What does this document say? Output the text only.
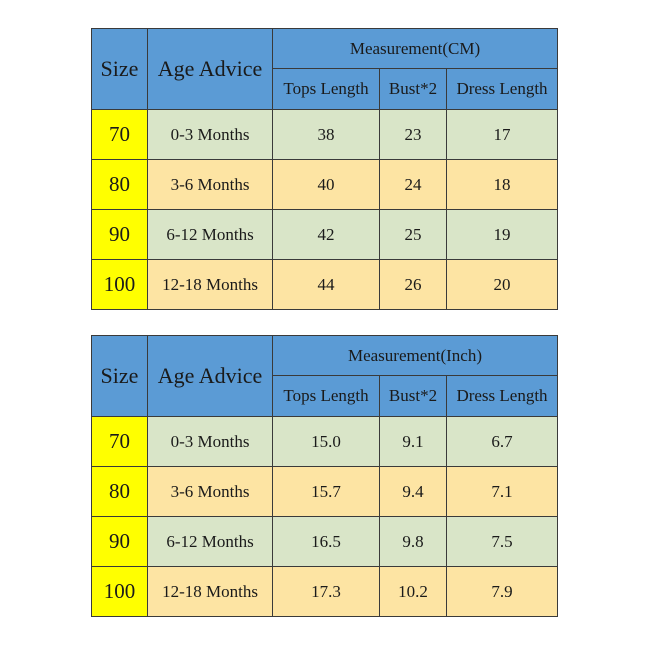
Size	Age Advice	Measurement(CM)		
		Tops Length	Bust*2	Dress Length
70	0-3 Months	38	23	17
80	3-6 Months	40	24	18
90	6-12 Months	42	25	19
100	12-18 Months	44	26	20
Size	Age Advice	Measurement(Inch)		
		Tops Length	Bust*2	Dress Length
70	0-3 Months	15.0	9.1	6.7
80	3-6 Months	15.7	9.4	7.1
90	6-12 Months	16.5	9.8	7.5
100	12-18 Months	17.3	10.2	7.9
